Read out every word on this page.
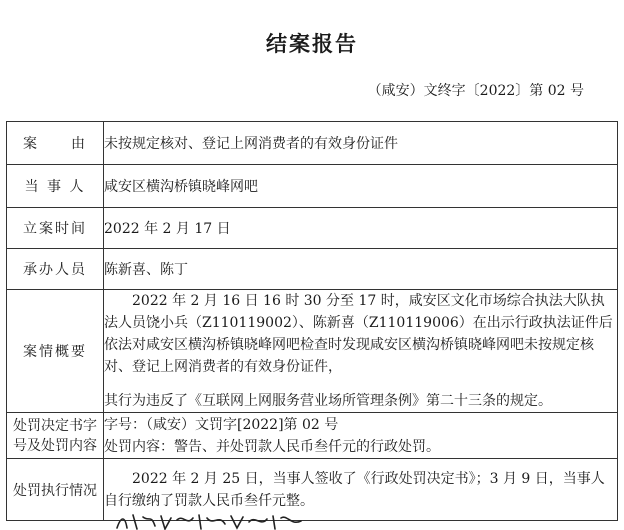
结案报告
（咸安）文终字〔2022〕第 02 号
案　　由	未按规定核对、登记上网消费者的有效身份证件
当 事 人	咸安区横沟桥镇晓峰网吧
立案时间	2022 年 2 月 17 日
承办人员	陈新喜、陈丁
案情概要	2022 年 2 月 16 日 16 时 30 分至 17 时，咸安区文化市场综合执法大队执法人员饶小兵（Z110119002）、陈新喜（Z110119006）在出示行政执法证件后依法对咸安区横沟桥镇晓峰网吧检查时发现咸安区横沟桥镇晓峰网吧未按规定核对、登记上网消费者的有效身份证件，
其行为违反了《互联网上网服务营业场所管理条例》第二十三条的规定。

处罚决定书字号及处罚内容	字号：（咸安）文罚字[2022]第 02 号
处罚内容：警告、并处罚款人民币叁仟元的行政处罚。

处罚执行情况	2022 年 2 月 25 日，当事人签收了《行政处罚决定书》；3 月 9 日，当事人自行缴纳了罚款人民币叁仟元整。
